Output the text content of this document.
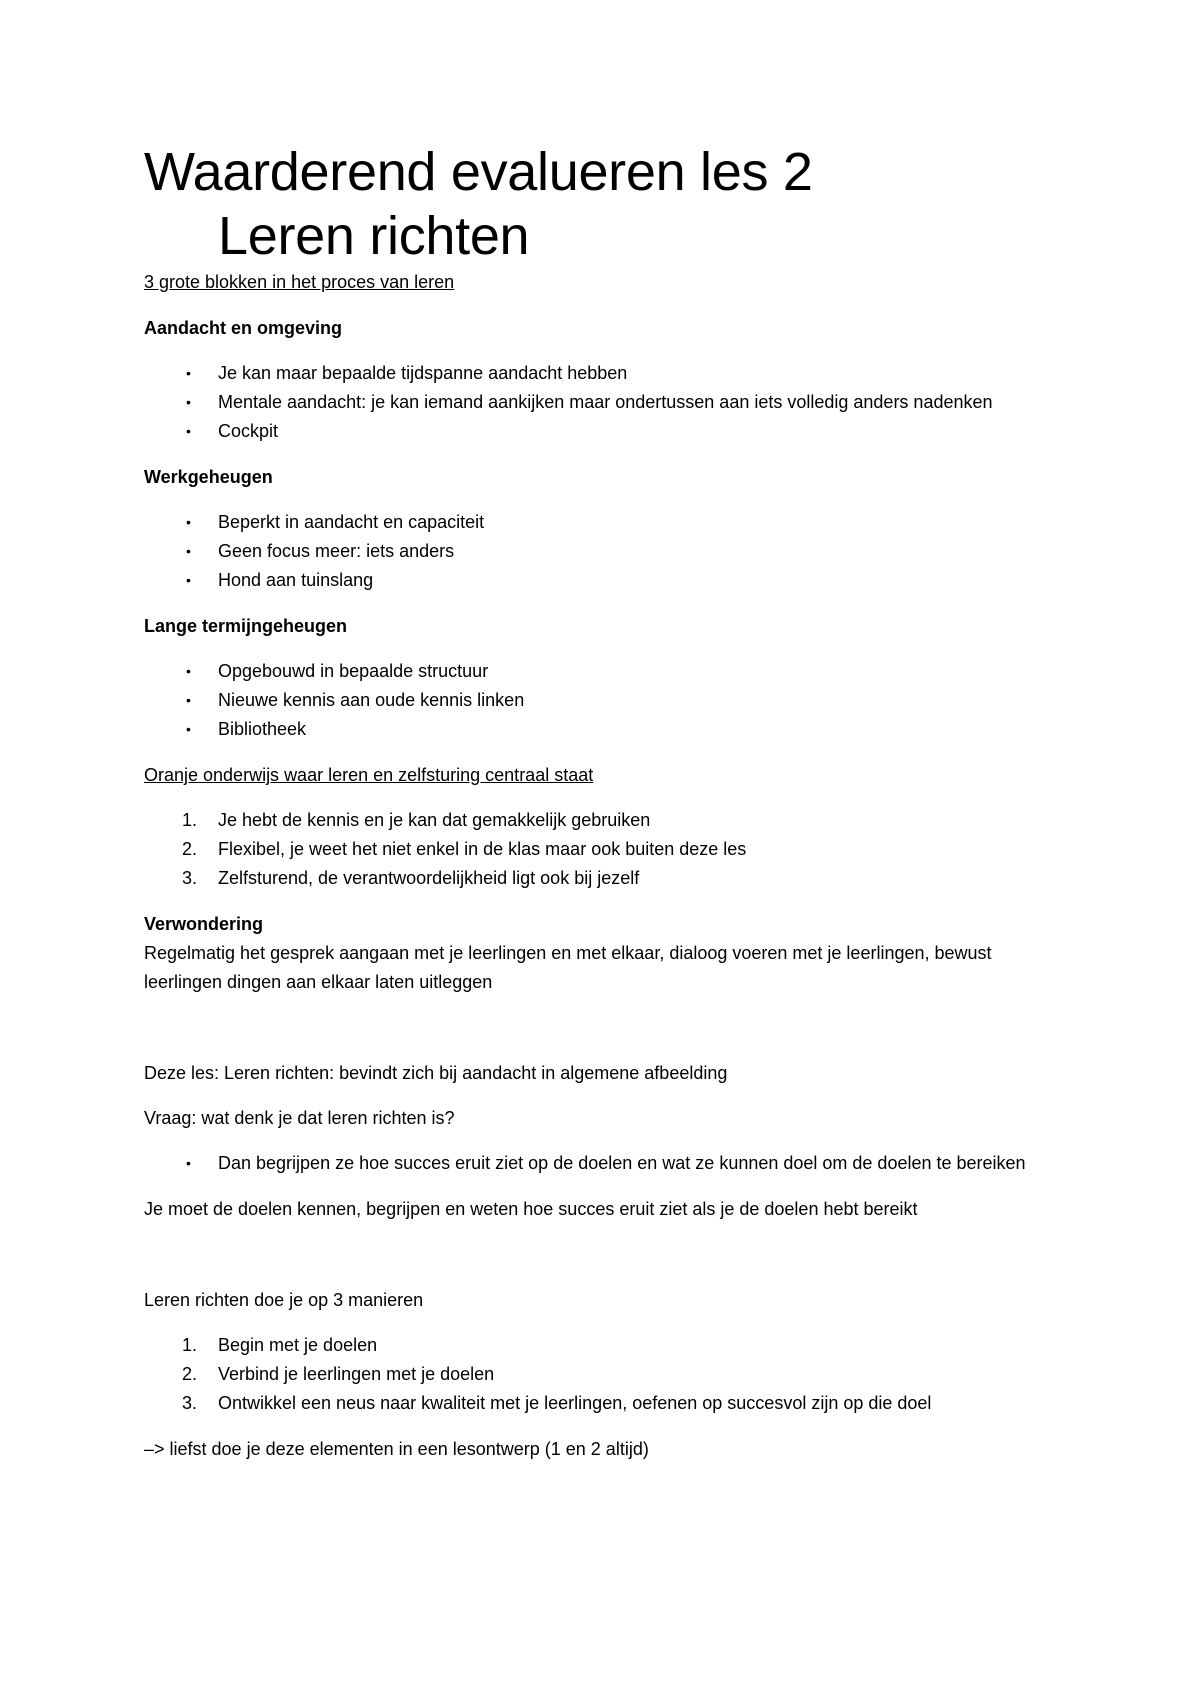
Waarderend evalueren les 2
Leren richten

3 grote blokken in het proces van leren

Aandacht en omgeving

•	Je kan maar bepaalde tijdspanne aandacht hebben
•	Mentale aandacht: je kan iemand aankijken maar ondertussen aan iets volledig anders nadenken
•	Cockpit

Werkgeheugen

•	Beperkt in aandacht en capaciteit
•	Geen focus meer: iets anders
•	Hond aan tuinslang

Lange termijngeheugen

•	Opgebouwd in bepaalde structuur
•	Nieuwe kennis aan oude kennis linken
•	Bibliotheek

Oranje onderwijs waar leren en zelfsturing centraal staat

1.	Je hebt de kennis en je kan dat gemakkelijk gebruiken
2.	Flexibel, je weet het niet enkel in de klas maar ook buiten deze les
3.	Zelfsturend, de verantwoordelijkheid ligt ook bij jezelf

Verwondering

Regelmatig het gesprek aangaan met je leerlingen en met elkaar, dialoog voeren met je leerlingen, bewust leerlingen dingen aan elkaar laten uitleggen

Deze les: Leren richten: bevindt zich bij aandacht in algemene afbeelding

Vraag: wat denk je dat leren richten is?

•	Dan begrijpen ze hoe succes eruit ziet op de doelen en wat ze kunnen doel om de doelen te bereiken

Je moet de doelen kennen, begrijpen en weten hoe succes eruit ziet als je de doelen hebt bereikt

Leren richten doe je op 3 manieren

1.	Begin met je doelen
2.	Verbind je leerlingen met je doelen
3.	Ontwikkel een neus naar kwaliteit met je leerlingen, oefenen op succesvol zijn op die doel

–> liefst doe je deze elementen in een lesontwerp (1 en 2 altijd)
